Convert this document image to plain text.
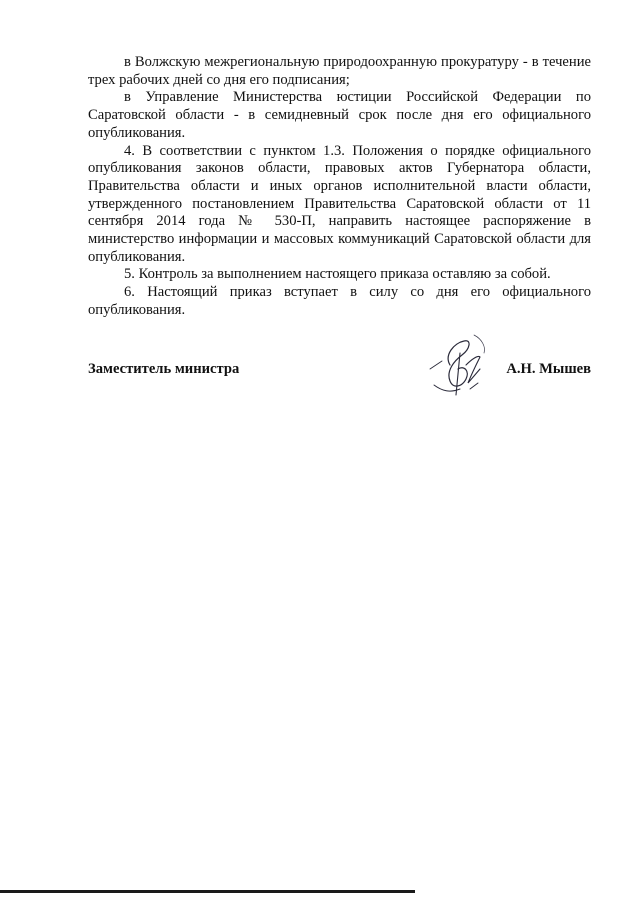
в Волжскую межрегиональную природоохранную прокуратуру - в течение трех рабочих дней со дня его подписания;

в Управление Министерства юстиции Российской Федерации по Саратовской области - в семидневный срок после дня его официального опубликования.

4. В соответствии с пунктом 1.3. Положения о порядке официального опубликования законов области, правовых актов Губернатора области, Правительства области и иных органов исполнительной власти области, утвержденного постановлением Правительства Саратовской области от 11 сентября 2014 года № 530-П, направить настоящее распоряжение в министерство информации и массовых коммуникаций Саратовской области для опубликования.

5. Контроль за выполнением настоящего приказа оставляю за собой.

6. Настоящий приказ вступает в силу со дня его официального опубликования.

Заместитель министра	А.Н. Мышев
